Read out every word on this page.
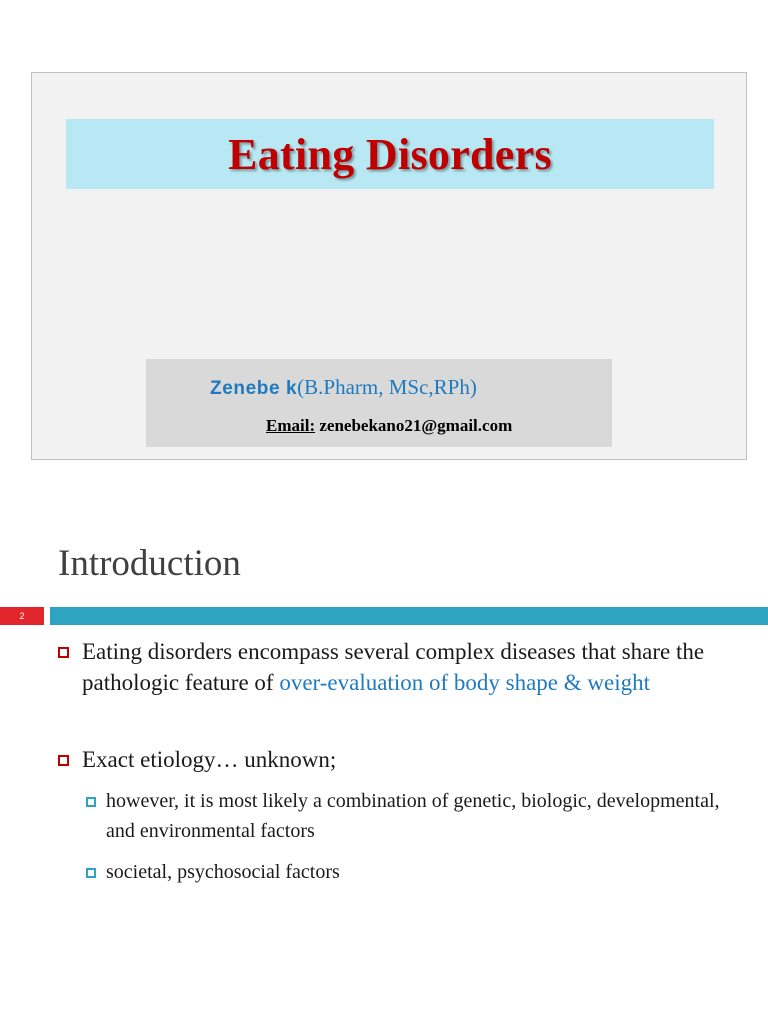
Eating Disorders
Zenebe k(B.Pharm, MSc,RPh)
Email: zenebekano21@gmail.com
Introduction
2
Eating disorders encompass several complex diseases that share the pathologic feature of over-evaluation of body shape & weight
Exact etiology… unknown;
however, it is most likely a combination of genetic, biologic, developmental, and environmental factors
societal, psychosocial factors
